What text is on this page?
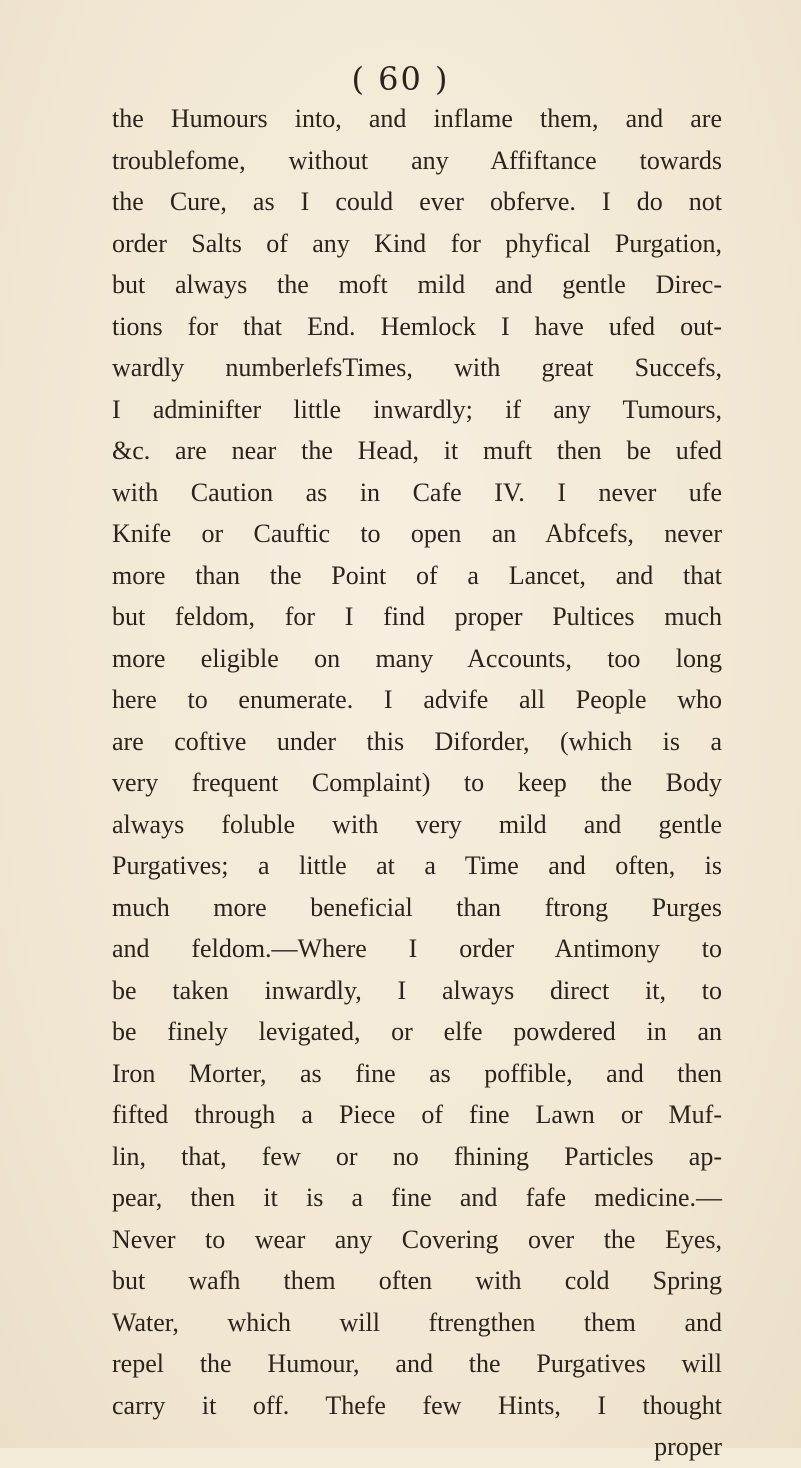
( 60 )
the Humours into, and inflame them, and are
troublefome, without any Affiftance towards
the Cure, as I could ever obferve. I do not
order Salts of any Kind for phyfical Purgation,
but always the moft mild and gentle Direc-
tions for that End. Hemlock I have ufed out-
wardly numberlefsTimes, with great Succefs,
I adminifter little inwardly; if any Tumours,
&c. are near the Head, it muft then be ufed
with Caution as in Cafe IV. I never ufe
Knife or Cauftic to open an Abfcefs, never
more than the Point of a Lancet, and that
but feldom, for I find proper Pultices much
more eligible on many Accounts, too long
here to enumerate. I advife all People who
are coftive under this Diforder, (which is a
very frequent Complaint) to keep the Body
always foluble with very mild and gentle
Purgatives; a little at a Time and often, is
much more beneficial than ftrong Purges
and feldom.—Where I order Antimony to
be taken inwardly, I always direct it, to
be finely levigated, or elfe powdered in an
Iron Morter, as fine as poffible, and then
fifted through a Piece of fine Lawn or Muf-
lin, that, few or no fhining Particles ap-
pear, then it is a fine and fafe medicine.—
Never to wear any Covering over the Eyes,
but wafh them often with cold Spring
Water, which will ftrengthen them and
repel the Humour, and the Purgatives will
carry it off. Thefe few Hints, I thought
proper
